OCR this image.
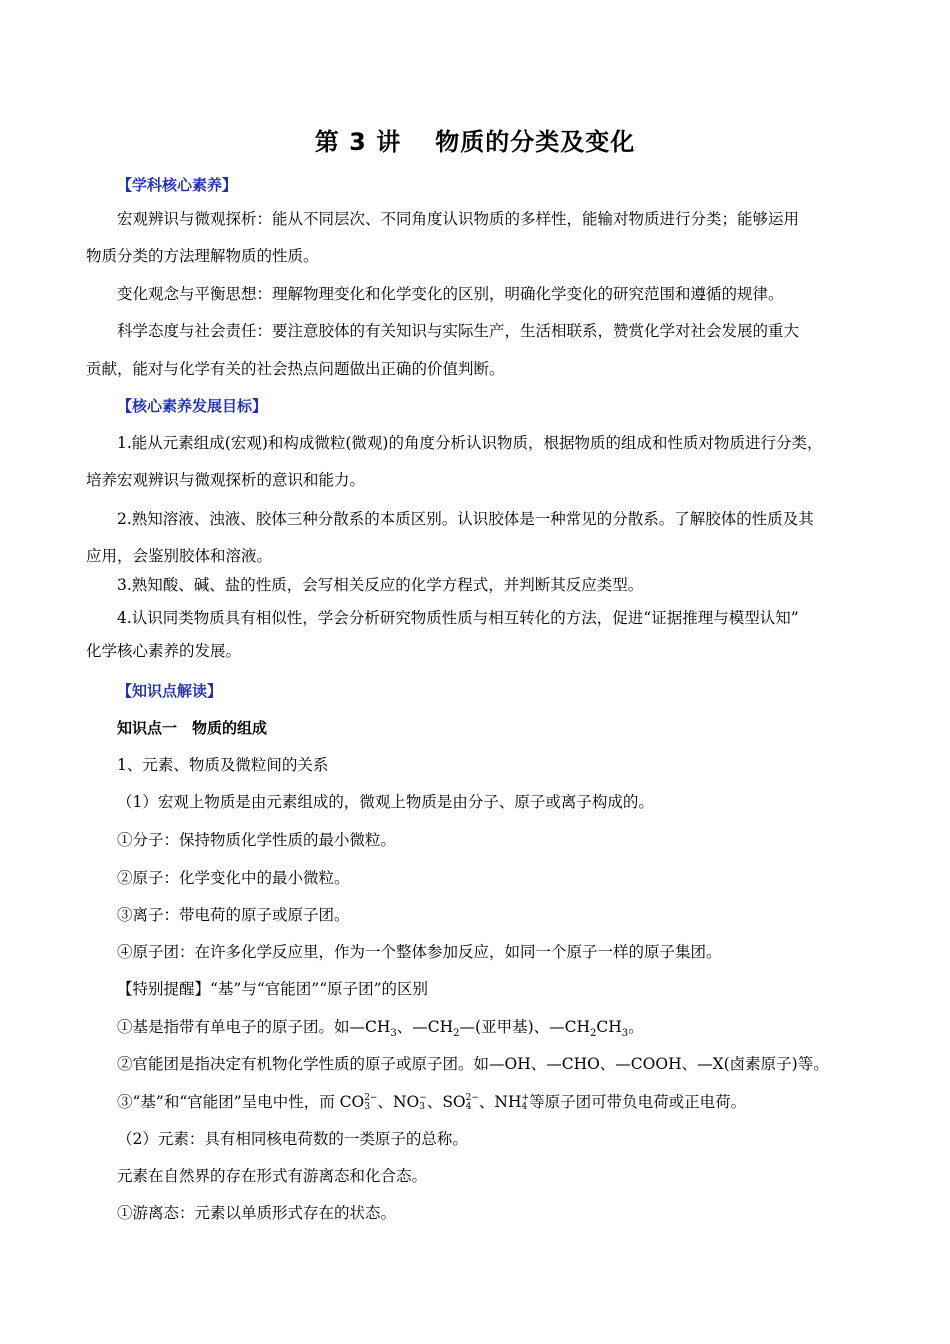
第 3 讲 物质的分类及变化
【学科核心素养】
宏观辨识与微观探析：能从不同层次、不同角度认识物质的多样性，能输对物质进行分类；能够运用
物质分类的方法理解物质的性质。
变化观念与平衡思想：理解物理变化和化学变化的区别，明确化学变化的研究范围和遵循的规律。
科学态度与社会责任：要注意胶体的有关知识与实际生产，生活相联系，赞赏化学对社会发展的重大
贡献，能对与化学有关的社会热点问题做出正确的价值判断。
【核心素养发展目标】
1.能从元素组成(宏观)和构成微粒(微观)的角度分析认识物质，根据物质的组成和性质对物质进行分类，
培养宏观辨识与微观探析的意识和能力。
2.熟知溶液、浊液、胶体三种分散系的本质区别。认识胶体是一种常见的分散系。了解胶体的性质及其
应用，会鉴别胶体和溶液。
3.熟知酸、碱、盐的性质，会写相关反应的化学方程式，并判断其反应类型。
4.认识同类物质具有相似性，学会分析研究物质性质与相互转化的方法，促进“证据推理与模型认知”
化学核心素养的发展。
【知识点解读】
知识点一　物质的组成
1、元素、物质及微粒间的关系
（1）宏观上物质是由元素组成的，微观上物质是由分子、原子或离子构成的。
①分子：保持物质化学性质的最小微粒。
②原子：化学变化中的最小微粒。
③离子：带电荷的原子或原子团。
④原子团：在许多化学反应里，作为一个整体参加反应，如同一个原子一样的原子集团。
【特别提醒】“基”与“官能团”“原子团”的区别
①基是指带有单电子的原子团。如$—CH_3$、$—CH_2—$(亚甲基)、$—CH_2CH_3$。
②官能团是指决定有机物化学性质的原子或原子团。如—OH、—CHO、—COOH、—X(卤素原子)等。
③“基”和“官能团”呈电中性，而 CO 2−
3 、NO −
3 、SO 2−
4 、NH +
4 等原子团可带负电荷或正电荷。
（2）元素：具有相同核电荷数的一类原子的总称。
元素在自然界的存在形式有游离态和化合态。
①游离态：元素以单质形式存在的状态。
